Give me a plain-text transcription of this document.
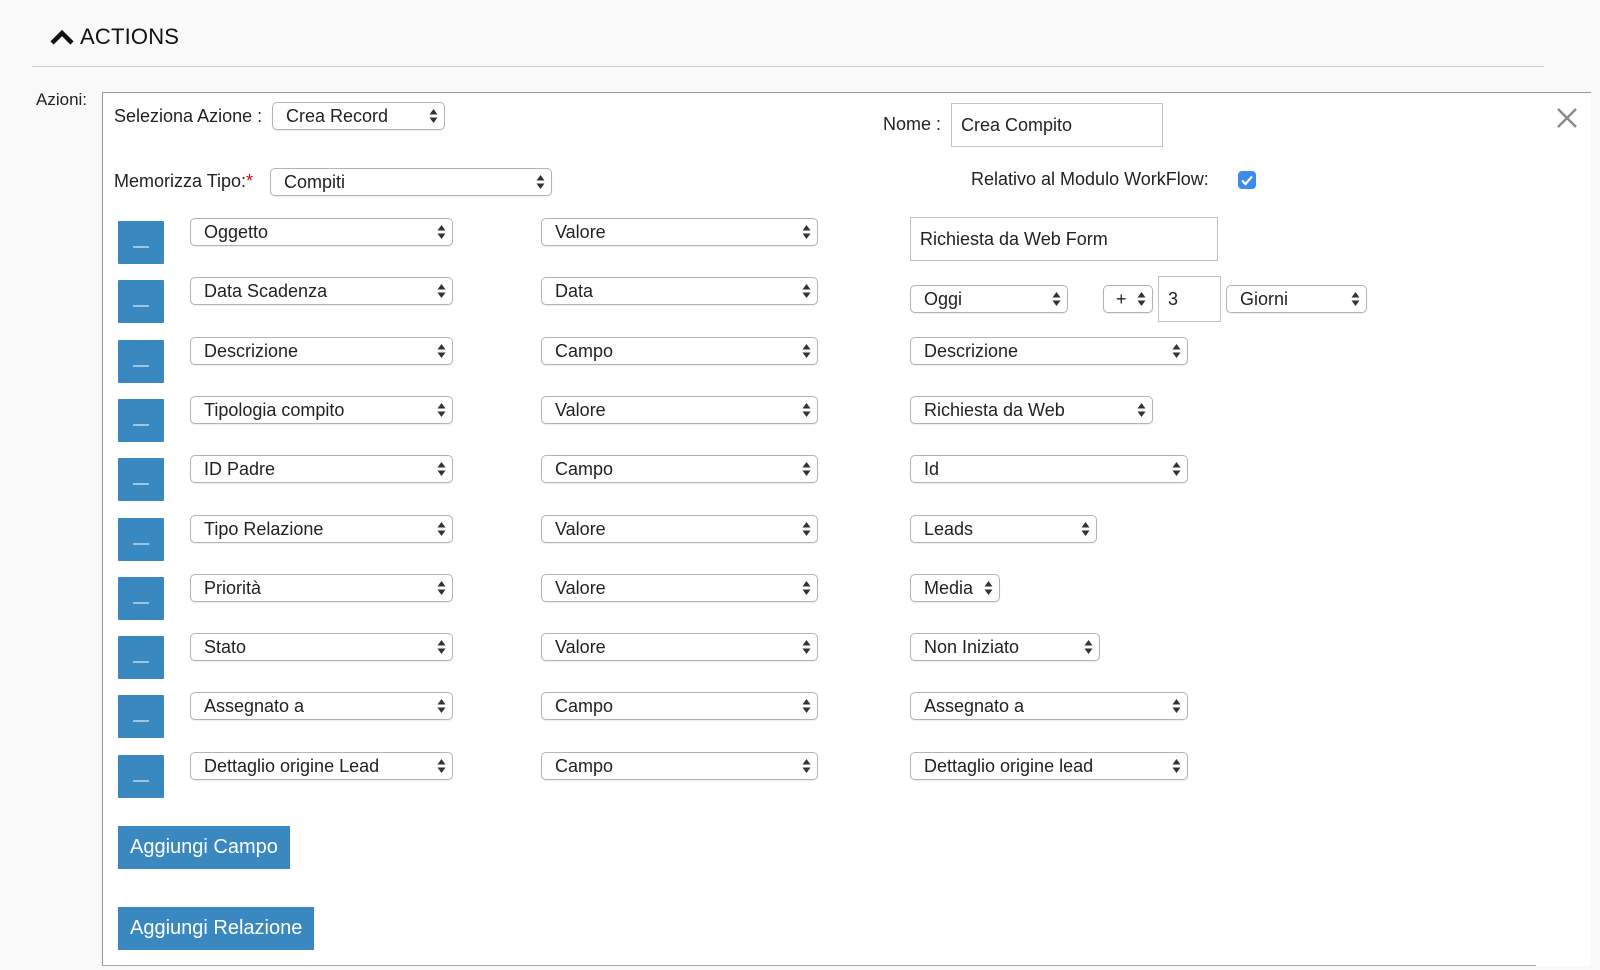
ACTIONS
Azioni:
Seleziona Azione :	Crea Record	Nome :	Crea Compito
Memorizza Tipo:*	Compiti	Relativo al Modulo WorkFlow:
Oggetto	Valore	Richiesta da Web Form
Data Scadenza	Data	Oggi	+	3	Giorni
Descrizione	Campo	Descrizione
Tipologia compito	Valore	Richiesta da Web
ID Padre	Campo	Id
Tipo Relazione	Valore	Leads
Priorità	Valore	Media
Stato	Valore	Non Iniziato
Assegnato a	Campo	Assegnato a
Dettaglio origine Lead	Campo	Dettaglio origine lead
Aggiungi Campo
Aggiungi Relazione
